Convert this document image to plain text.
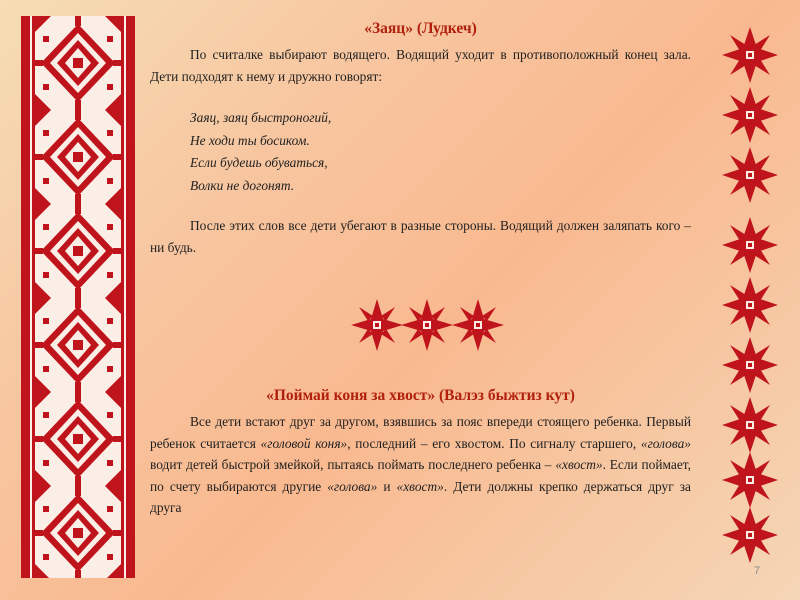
«Заяц» (Лудкеч)

По считалке выбирают водящего. Водящий уходит в противоположный конец зала. Дети подходят к нему и дружно говорят:

Заяц, заяц быстроногий,
Не ходи ты босиком.
Если будешь обуваться,
Волки не догонят.

После этих слов все дети убегают в разные стороны. Водящий должен заляпать кого – ни будь.

«Поймай коня за хвост» (Валэз быжтиз кут)

Все дети встают друг за другом, взявшись за пояс впереди стоящего ребенка. Первый ребенок считается «головой коня», последний – его хвостом. По сигналу старшего, «голова» водит детей быстрой змейкой, пытаясь поймать последнего ребенка – «хвост». Если поймает, по счету выбираются другие «голова» и «хвост». Дети должны крепко держаться друг за друга

7
